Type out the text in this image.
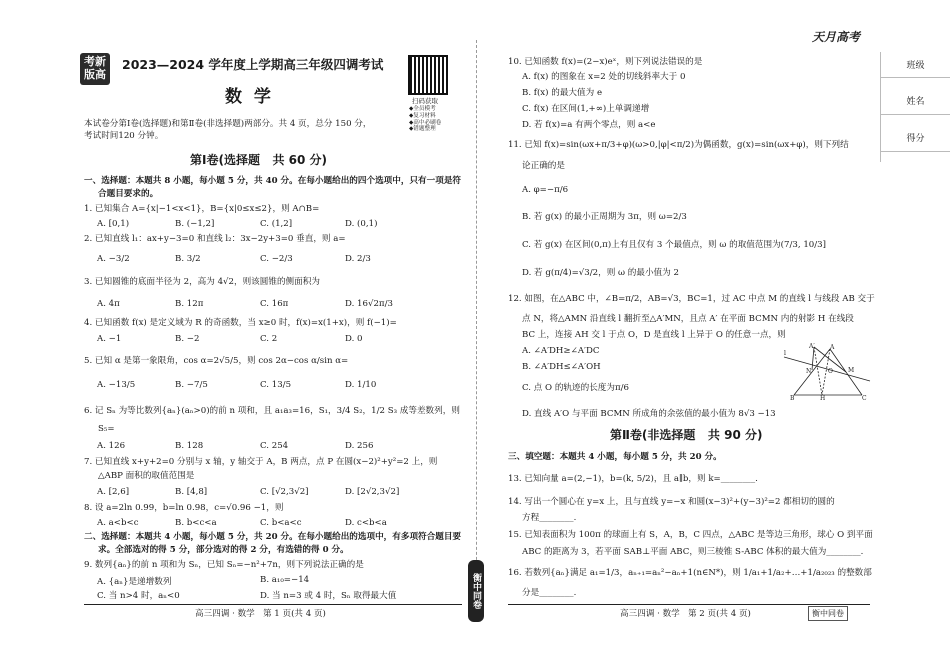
考新
版高
2023—2024 学年度上学期高三年级四调考试
数  学	扫码获取
◆全员模考
◆复习材料
◆高中必刷卷
◆错题整理
本试卷分第Ⅰ卷(选择题)和第Ⅱ卷(非选择题)两部分。共 4 页，总分 150 分，
考试时间120 分钟。
第Ⅰ卷(选择题   共 60 分)
一、选择题：本题共 8 小题，每小题 5 分，共 40 分。在每小题给出的四个选项中，只有一项是符
合题目要求的。
1. 已知集合 A={x|−1<x<1}，B={x|0≤x≤2}，则 A∩B=
A. [0,1)	B. (−1,2]	C. (1,2]	D. (0,1)
2. 已知直线 l₁：ax+y−3=0 和直线 l₂：3x−2y+3=0 垂直，则 a=
A. −3/2	B. 3/2	C. −2/3	D. 2/3
3. 已知圆锥的底面半径为 2，高为 4√2，则该圆锥的侧面积为
A. 4π	B. 12π	C. 16π	D. 16√2π/3
4. 已知函数 f(x) 是定义域为 R 的奇函数，当 x≥0 时，f(x)=x(1+x)，则 f(−1)=
A. −1	B. −2	C. 2	D. 0
5. 已知 α 是第一象限角，cos α=2√5/5，则 cos 2α−cos α/sin α=
A. −13/5	B. −7/5	C. 13/5	D. 1/10
6. 记 Sₙ 为等比数列{aₙ}(aₙ>0)的前 n 项和，且 a₁a₃=16，S₁，3/4 S₂，1/2 S₃ 成等差数列，则
S₅=
A. 126	B. 128	C. 254	D. 256
7. 已知直线 x+y+2=0 分别与 x 轴，y 轴交于 A，B 两点，点 P 在圆(x−2)²+y²=2 上，则
△ABP 面积的取值范围是
A. [2,6]	B. [4,8]	C. [√2,3√2]	D. [2√2,3√2]
8. 设 a=2ln 0.99，b=ln 0.98，c=√0.96 −1，则
A. a<b<c	B. b<c<a	C. b<a<c	D. c<b<a
二、选择题：本题共 4 小题，每小题 5 分，共 20 分。在每小题给出的选项中，有多项符合题目要
求。全部选对的得 5 分，部分选对的得 2 分，有选错的得 0 分。
9. 数列{aₙ}的前 n 项和为 Sₙ，已知 Sₙ=−n²+7n，则下列说法正确的是
A. {aₙ}是递增数列	B. a₁₀=−14
C. 当 n>4 时，aₙ<0	D. 当 n=3 或 4 时，Sₙ 取得最大值
高三四调 · 数学   第 1 页(共 4 页)
衡中同卷
天月高考
10. 已知函数 f(x)=(2−x)eˣ，则下列说法错误的是
A. f(x) 的图象在 x=2 处的切线斜率大于 0
B. f(x) 的最大值为 e
C. f(x) 在区间(1,+∞)上单调递增
D. 若 f(x)=a 有两个零点，则 a<e
11. 已知 f(x)=sin(ωx+π/3+φ)(ω>0,|φ|<π/2)为偶函数，g(x)=sin(ωx+φ)，则下列结
论正确的是
A. φ=−π/6
B. 若 g(x) 的最小正周期为 3π，则 ω=2/3
C. 若 g(x) 在区间(0,π)上有且仅有 3 个最值点，则 ω 的取值范围为(7/3, 10/3]
D. 若 g(π/4)=√3/2，则 ω 的最小值为 2
12. 如图，在△ABC 中，∠B=π/2，AB=√3，BC=1，过 AC 中点 M 的直线 l 与线段 AB 交于
点 N，将△AMN 沿直线 l 翻折至△A′MN，且点 A′ 在平面 BCMN 内的射影 H 在线段
BC 上，连接 AH 交 l 于点 O，D 是直线 l 上异于 O 的任意一点，则
A. ∠A′DH≥∠A′DC
B. ∠A′DH≤∠A′OH
C. 点 O 的轨迹的长度为π/6
D. 直线 A′O 与平面 BCMN 所成角的余弦值的最小值为 8√3 −13
A′	A
N	M
O
H
B	C
l
第Ⅱ卷(非选择题   共 90 分)
三、填空题：本题共 4 小题，每小题 5 分，共 20 分。
13. 已知向量 a=(2,−1)，b=(k, 5/2)，且 a∥b，则 k=________.
14. 写出一个圆心在 y=x 上，且与直线 y=−x 和圆(x−3)²+(y−3)²=2 都相切的圆的
方程________.
15. 已知表面积为 100π 的球面上有 S，A，B，C 四点，△ABC 是等边三角形，球心 O 到平面
ABC 的距离为 3，若平面 SAB⊥平面 ABC，则三棱锥 S-ABC 体积的最大值为________.
16. 若数列{aₙ}满足 a₁=1/3，aₙ₊₁=aₙ²−aₙ+1(n∈N*)，则 1/a₁+1/a₂+…+1/a₂₀₂₃ 的整数部
分是________.
高三四调 · 数学   第 2 页(共 4 页)	衡中同卷
班级
姓名
得分
